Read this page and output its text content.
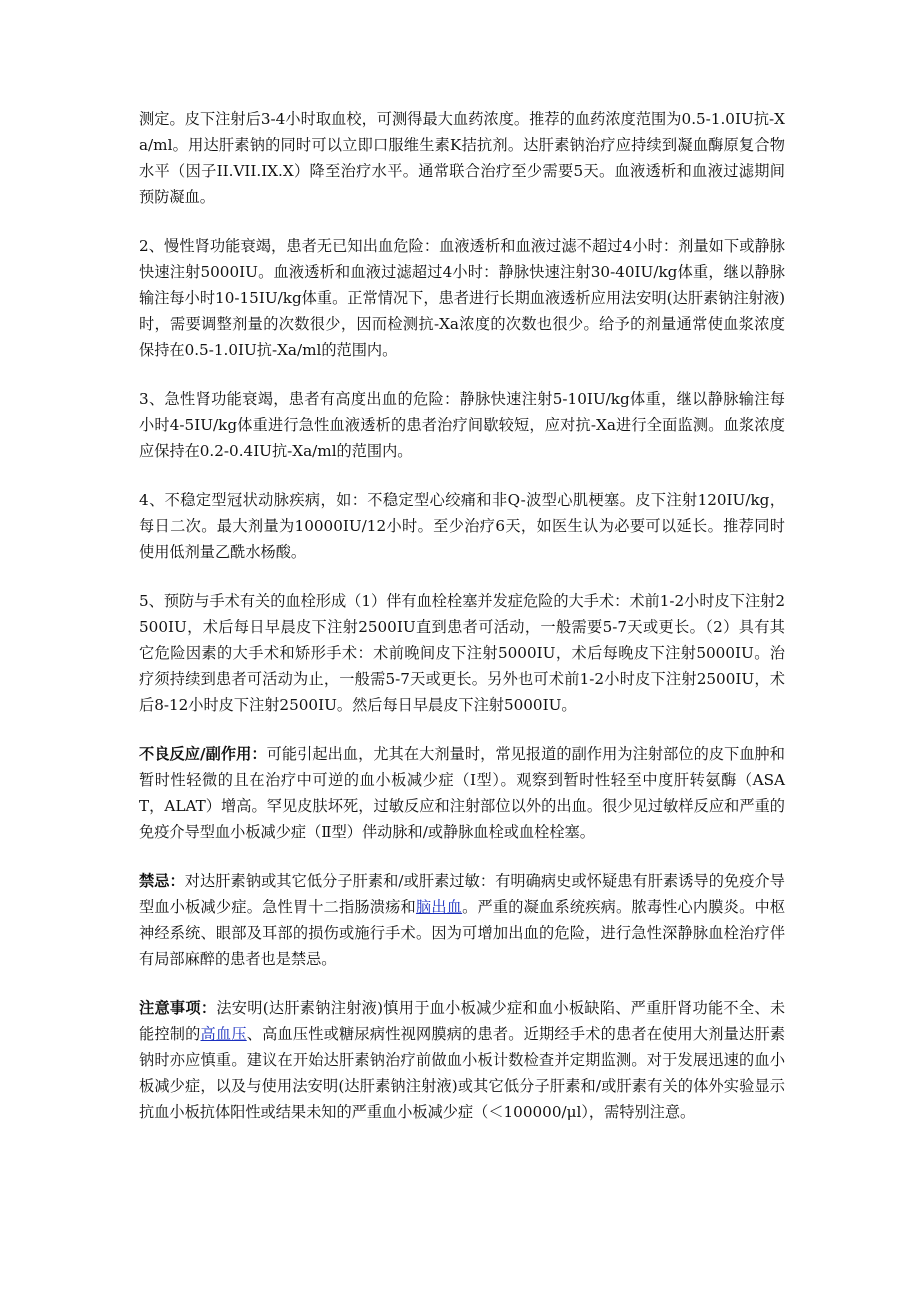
测定。皮下注射后3-4小时取血校，可测得最大血药浓度。推荐的血药浓度范围为0.5-1.0IU抗-Xa/ml。用达肝素钠的同时可以立即口服维生素K拮抗剂。达肝素钠治疗应持续到凝血酶原复合物水平（因子II.VII.IX.X）降至治疗水平。通常联合治疗至少需要5天。血液透析和血液过滤期间预防凝血。

2、慢性肾功能衰竭，患者无已知出血危险：血液透析和血液过滤不超过4小时：剂量如下或静脉快速注射5000IU。血液透析和血液过滤超过4小时：静脉快速注射30-40IU/kg体重，继以静脉输注每小时10-15IU/kg体重。正常情况下，患者进行长期血液透析应用法安明(达肝素钠注射液)时，需要调整剂量的次数很少，因而检测抗-Xa浓度的次数也很少。给予的剂量通常使血浆浓度保持在0.5-1.0IU抗-Xa/ml的范围内。

3、急性肾功能衰竭，患者有高度出血的危险：静脉快速注射5-10IU/kg体重，继以静脉输注每小时4-5IU/kg体重进行急性血液透析的患者治疗间歇较短，应对抗-Xa进行全面监测。血浆浓度应保持在0.2-0.4IU抗-Xa/ml的范围内。

4、不稳定型冠状动脉疾病，如：不稳定型心绞痛和非Q-波型心肌梗塞。皮下注射120IU/kg，每日二次。最大剂量为10000IU/12小时。至少治疗6天，如医生认为必要可以延长。推荐同时使用低剂量乙酰水杨酸。

5、预防与手术有关的血栓形成（1）伴有血栓栓塞并发症危险的大手术：术前1-2小时皮下注射2500IU，术后每日早晨皮下注射2500IU直到患者可活动，一般需要5-7天或更长。（2）具有其它危险因素的大手术和矫形手术：术前晚间皮下注射5000IU，术后每晚皮下注射5000IU。治疗须持续到患者可活动为止，一般需5-7天或更长。另外也可术前1-2小时皮下注射2500IU，术后8-12小时皮下注射2500IU。然后每日早晨皮下注射5000IU。

不良反应/副作用：可能引起出血，尤其在大剂量时，常见报道的副作用为注射部位的皮下血肿和暂时性轻微的且在治疗中可逆的血小板减少症（Ⅰ型）。观察到暂时性轻至中度肝转氨酶（ASAT，ALAT）增高。罕见皮肤坏死，过敏反应和注射部位以外的出血。很少见过敏样反应和严重的免疫介导型血小板减少症（Ⅱ型）伴动脉和/或静脉血栓或血栓栓塞。

禁忌：对达肝素钠或其它低分子肝素和/或肝素过敏：有明确病史或怀疑患有肝素诱导的免疫介导型血小板减少症。急性胃十二指肠溃疡和脑出血。严重的凝血系统疾病。脓毒性心内膜炎。中枢神经系统、眼部及耳部的损伤或施行手术。因为可增加出血的危险，进行急性深静脉血栓治疗伴有局部麻醉的患者也是禁忌。

注意事项：法安明(达肝素钠注射液)慎用于血小板减少症和血小板缺陷、严重肝肾功能不全、未能控制的高血压、高血压性或糖尿病性视网膜病的患者。近期经手术的患者在使用大剂量达肝素钠时亦应慎重。建议在开始达肝素钠治疗前做血小板计数检查并定期监测。对于发展迅速的血小板减少症，以及与使用法安明(达肝素钠注射液)或其它低分子肝素和/或肝素有关的体外实验显示抗血小板抗体阳性或结果未知的严重血小板减少症（＜100000/μl），需特别注意。
